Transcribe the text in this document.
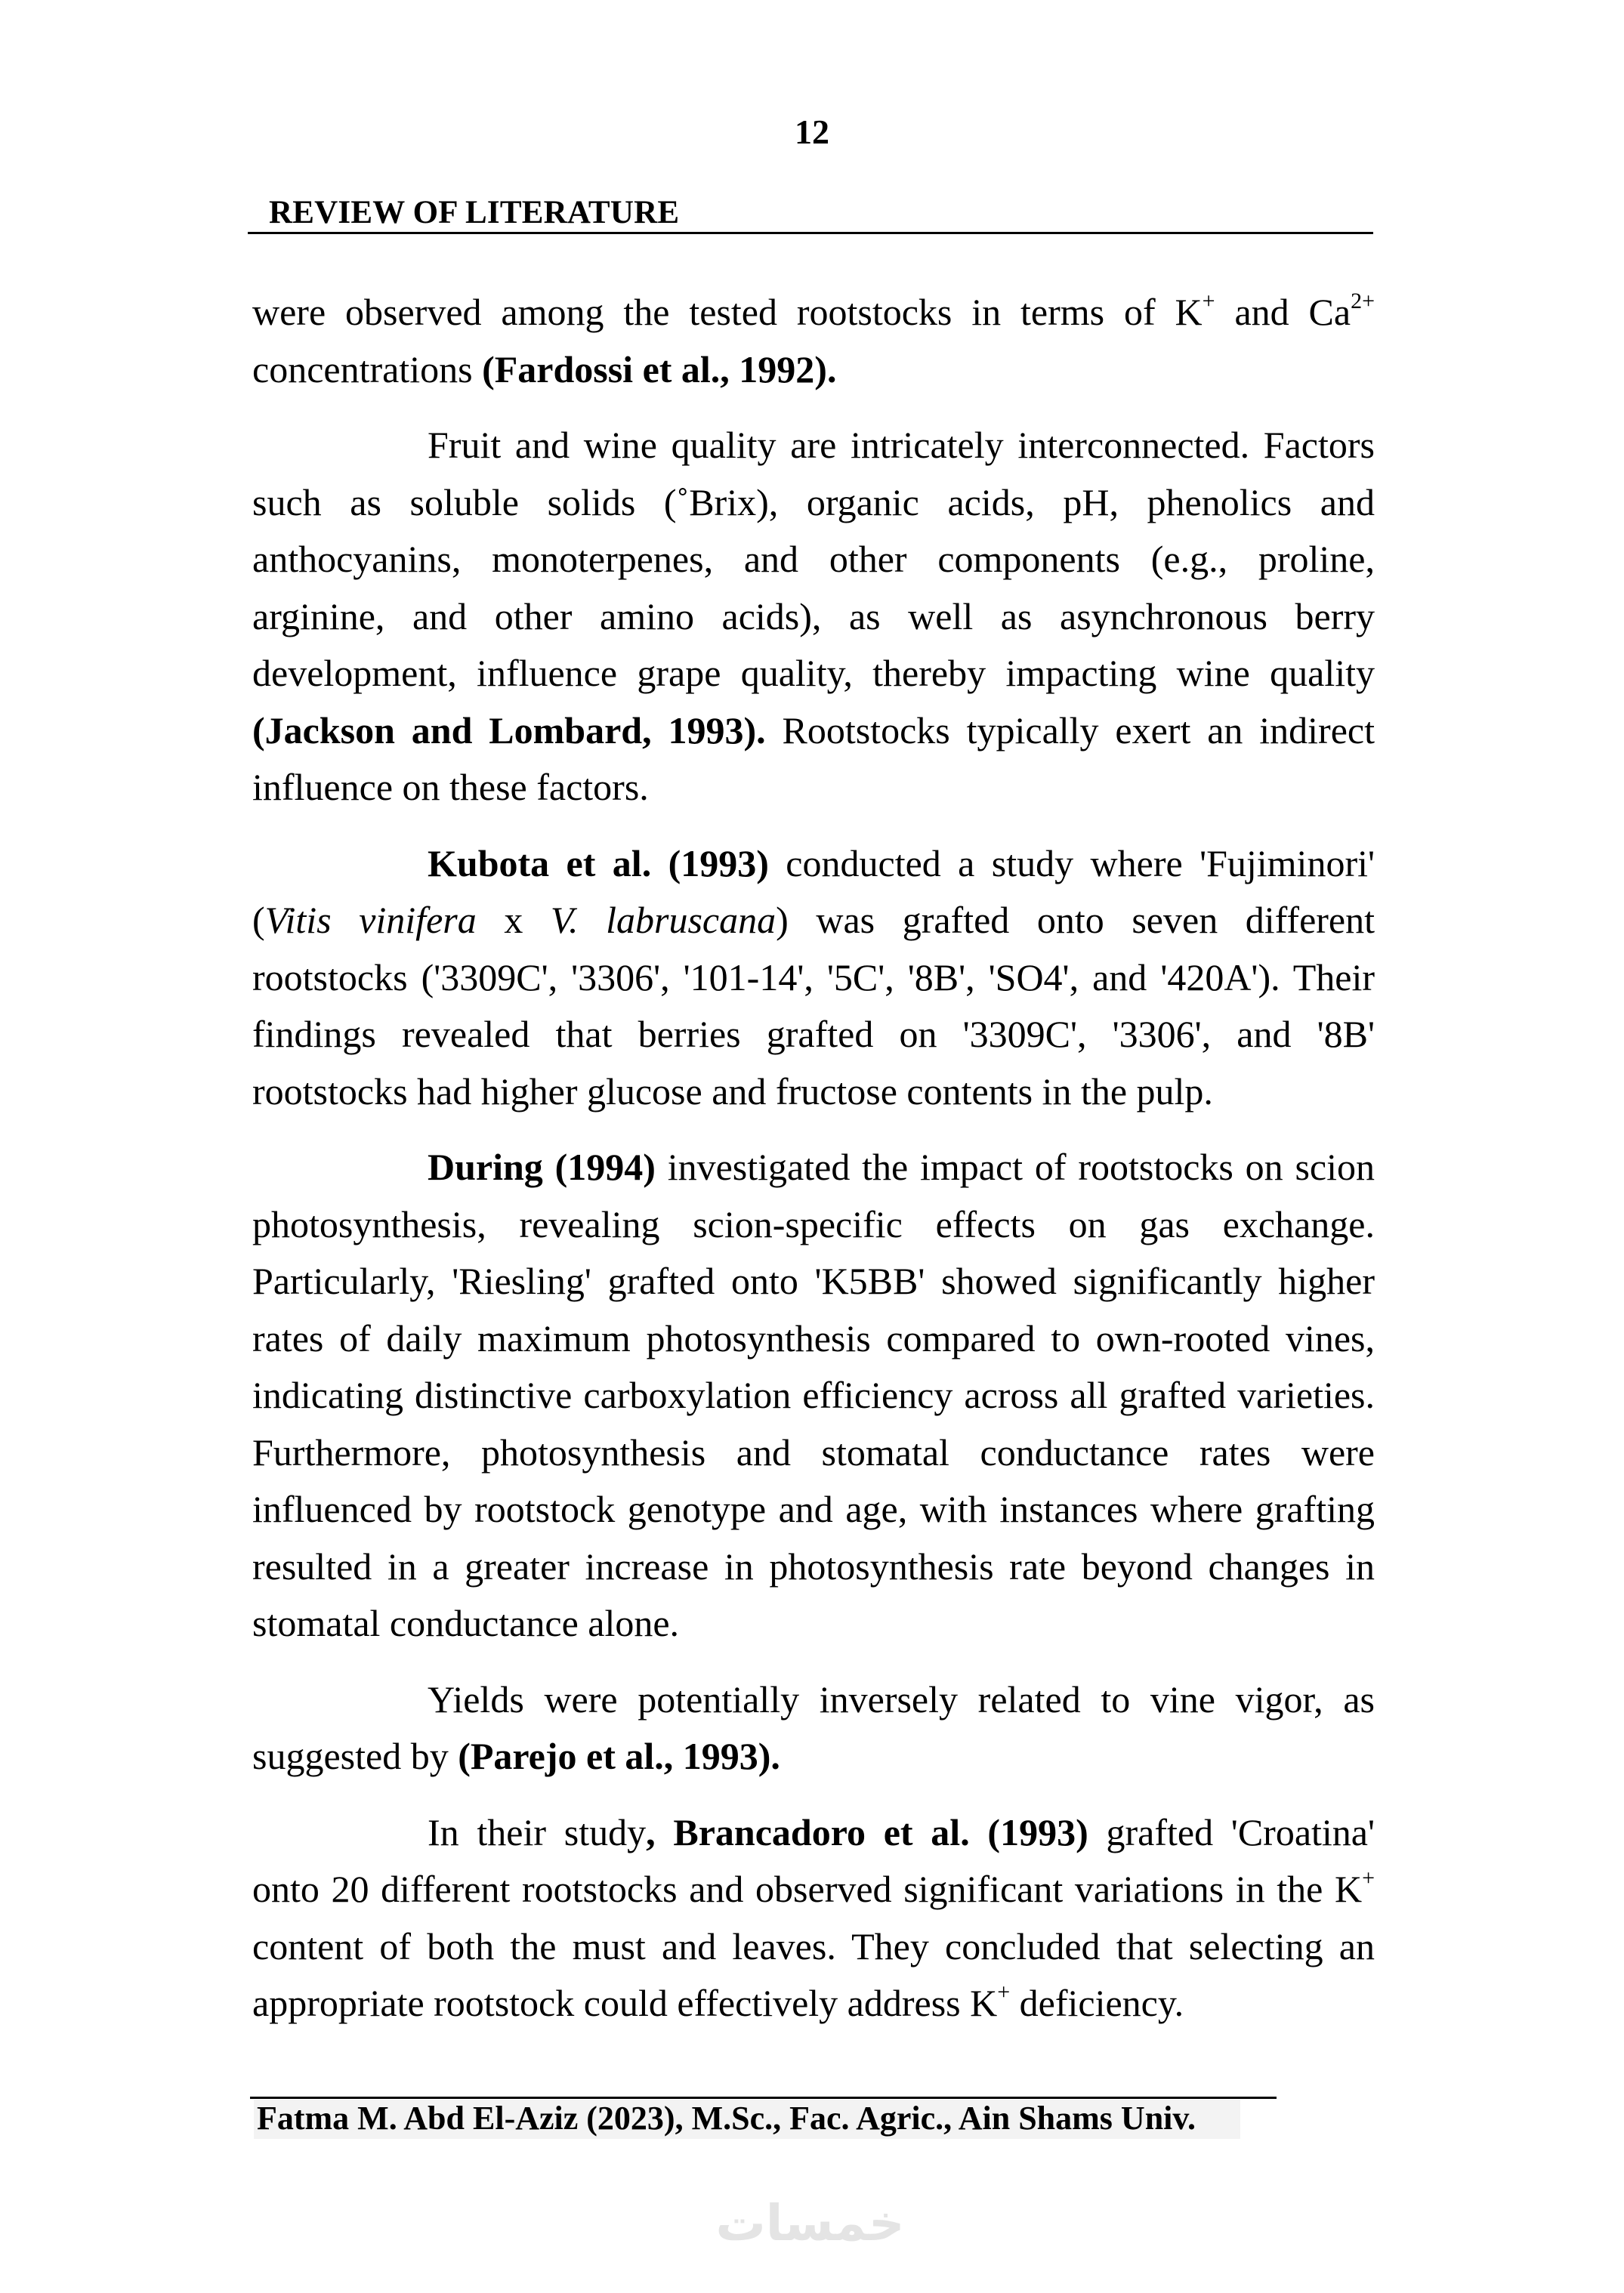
12
REVIEW OF LITERATURE

were observed among the tested rootstocks in terms of K+ and $Ca^{2+}$ concentrations (Fardossi et al., 1992).

Fruit and wine quality are intricately interconnected. Factors such as soluble solids (˚Brix), organic acids, pH, phenolics and anthocyanins, monoterpenes, and other components (e.g., proline, arginine, and other amino acids), as well as asynchronous berry development, influence grape quality, thereby impacting wine quality (Jackson and Lombard, 1993). Rootstocks typically exert an indirect influence on these factors.

Kubota et al. (1993) conducted a study where 'Fujiminori' (Vitis vinifera x V. labruscana) was grafted onto seven different rootstocks ('3309C', '3306', '101-14', '5C', '8B', 'SO4', and '420A'). Their findings revealed that berries grafted on '3309C', '3306', and '8B' rootstocks had higher glucose and fructose contents in the pulp.

During (1994) investigated the impact of rootstocks on scion photosynthesis, revealing scion-specific effects on gas exchange. Particularly, 'Riesling' grafted onto 'K5BB' showed significantly higher rates of daily maximum photosynthesis compared to own-rooted vines, indicating distinctive carboxylation efficiency across all grafted varieties. Furthermore, photosynthesis and stomatal conductance rates were influenced by rootstock genotype and age, with instances where grafting resulted in a greater increase in photosynthesis rate beyond changes in stomatal conductance alone.

Yields were potentially inversely related to vine vigor, as suggested by (Parejo et al., 1993).

In their study, Brancadoro et al. (1993) grafted 'Croatina' onto 20 different rootstocks and observed significant variations in the K+ content of both the must and leaves. They concluded that selecting an appropriate rootstock could effectively address K+ deficiency.

Fatma M. Abd El-Aziz (2023), M.Sc., Fac. Agric., Ain Shams Univ.
خمسات
